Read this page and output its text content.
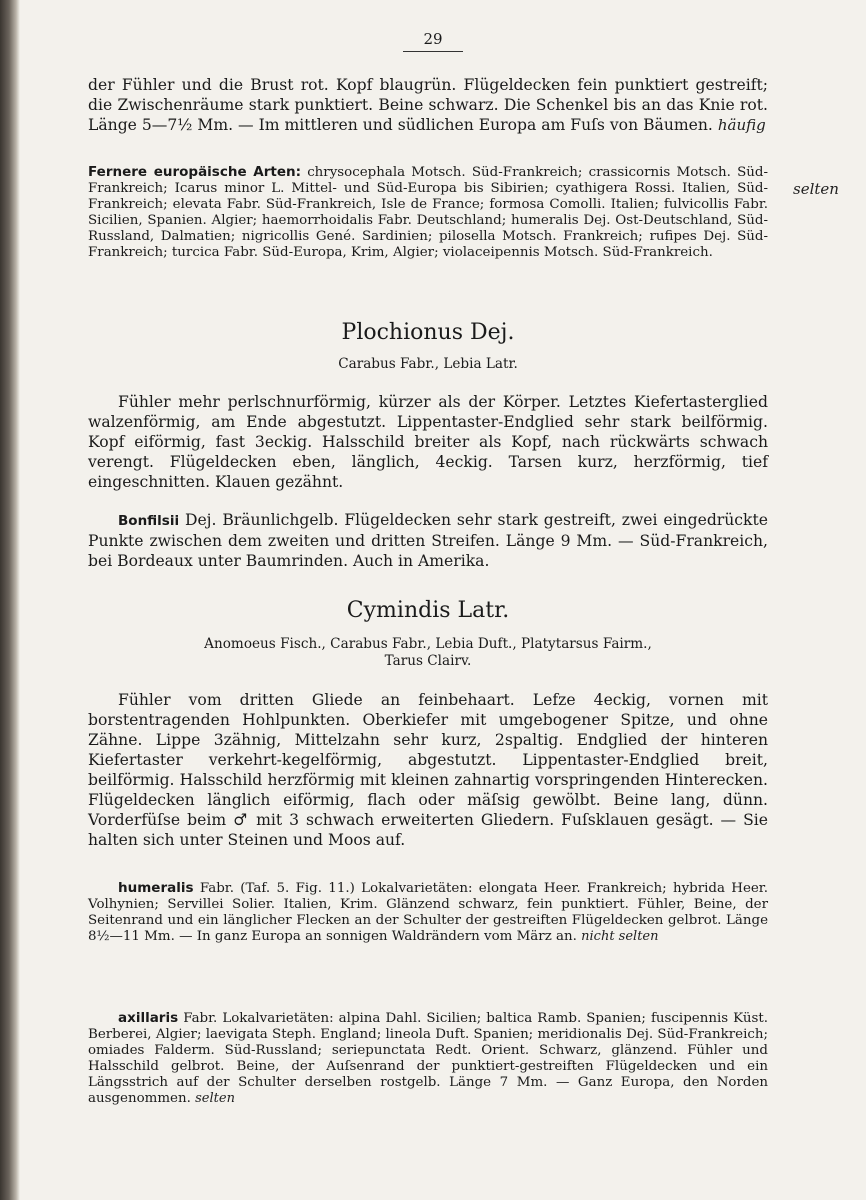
29
der Fühler und die Brust rot. Kopf blaugrün. Flügeldecken fein punktiert gestreift; die Zwischenräume stark punktiert. Beine schwarz. Die Schenkel bis an das Knie rot. Länge 5—7½ Mm. — Im mittleren und südlichen Europa am Fuſs von Bäumen. häufig
Fernere europäische Arten: chrysocephala Motsch. Süd-Frankreich; crassicornis Motsch. Süd-Frankreich; Icarus minor L. Mittel- und Süd-Europa bis Sibirien; cyathigera Rossi. Italien, Süd-Frankreich; elevata Fabr. Süd-Frankreich, Isle de France; formosa Comolli. Italien; fulvicollis Fabr. Sicilien, Spanien. Algier; haemorrhoidalis Fabr. Deutschland; humeralis Dej. Ost-Deutschland, Süd-Russland, Dalmatien; nigricollis Gené. Sardinien; pilosella Motsch. Frankreich; rufipes Dej. Süd-Frankreich; turcica Fabr. Süd-Europa, Krim, Algier; violaceipennis Motsch. Süd-Frankreich.
selten
Plochionus Dej.
Carabus Fabr., Lebia Latr.
Fühler mehr perlschnurförmig, kürzer als der Körper. Letztes Kiefertasterglied walzenförmig, am Ende abgestutzt. Lippentaster-Endglied sehr stark beilförmig. Kopf eiförmig, fast 3eckig. Halsschild breiter als Kopf, nach rückwärts schwach verengt. Flügeldecken eben, länglich, 4eckig. Tarsen kurz, herzförmig, tief eingeschnitten. Klauen gezähnt.
Bonfilsii Dej. Bräunlichgelb. Flügeldecken sehr stark gestreift, zwei eingedrückte Punkte zwischen dem zweiten und dritten Streifen. Länge 9 Mm. — Süd-Frankreich, bei Bordeaux unter Baumrinden. Auch in Amerika.
Cymindis Latr.
Anomoeus Fisch., Carabus Fabr., Lebia Duft., Platytarsus Fairm.,
Tarus Clairv.
Fühler vom dritten Gliede an feinbehaart. Lefze 4eckig, vornen mit borstentragenden Hohlpunkten. Oberkiefer mit umgebogener Spitze, und ohne Zähne. Lippe 3zähnig, Mittelzahn sehr kurz, 2spaltig. Endglied der hinteren Kiefertaster verkehrt-kegelförmig, abgestutzt. Lippentaster-Endglied breit, beilförmig. Halsschild herzförmig mit kleinen zahnartig vorspringenden Hinterecken. Flügeldecken länglich eiförmig, flach oder mäſsig gewölbt. Beine lang, dünn. Vorderfüſse beim ♂ mit 3 schwach erweiterten Gliedern. Fuſsklauen gesägt. — Sie halten sich unter Steinen und Moos auf.
humeralis Fabr. (Taf. 5. Fig. 11.) Lokalvarietäten: elongata Heer. Frankreich; hybrida Heer. Volhynien; Servillei Solier. Italien, Krim. Glänzend schwarz, fein punktiert. Fühler, Beine, der Seitenrand und ein länglicher Flecken an der Schulter der gestreiften Flügeldecken gelbrot. Länge 8½—11 Mm. — In ganz Europa an sonnigen Waldrändern vom März an. nicht selten
axillaris Fabr. Lokalvarietäten: alpina Dahl. Sicilien; baltica Ramb. Spanien; fuscipennis Küst. Berberei, Algier; laevigata Steph. England; lineola Duft. Spanien; meridionalis Dej. Süd-Frankreich; omiades Falderm. Süd-Russland; seriepunctata Redt. Orient. Schwarz, glänzend. Fühler und Halsschild gelbrot. Beine, der Auſsenrand der punktiert-gestreiften Flügeldecken und ein Längsstrich auf der Schulter derselben rostgelb. Länge 7 Mm. — Ganz Europa, den Norden ausgenommen. selten
